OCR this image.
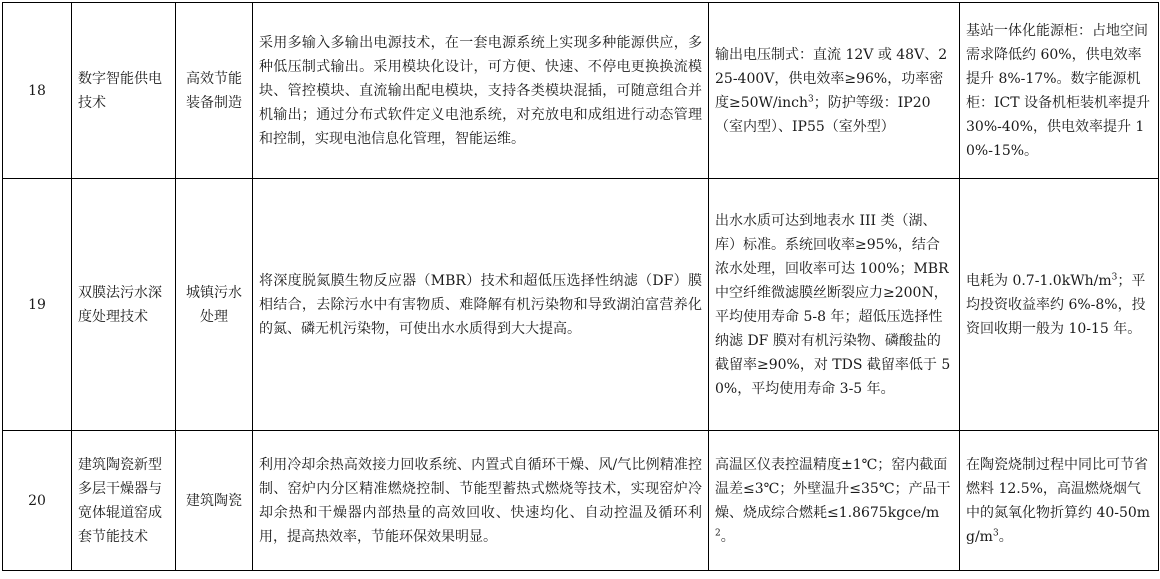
18	数字智能供电技术	高效节能装备制造	采用多输入多输出电源技术，在一套电源系统上实现多种能源供应，多种低压制式输出。采用模块化设计，可方便、快速、不停电更换换流模块、管控模块、直流输出配电模块，支持各类模块混插，可随意组合并机输出；通过分布式软件定义电池系统，对充放电和成组进行动态管理和控制，实现电池信息化管理，智能运维。	输出电压制式：直流 12V 或 48V、225-400V，供电效率≥96%，功率密度≥50W/inch$^3$；防护等级：IP20（室内型）、IP55（室外型）	基站一体化能源柜：占地空间需求降低约 60%，供电效率提升 8%-17%。数字能源机柜：ICT 设备机柜装机率提升 30%-40%，供电效率提升 10%-15%。
19	双膜法污水深度处理技术	城镇污水处理	将深度脱氮膜生物反应器（MBR）技术和超低压选择性纳滤（DF）膜相结合，去除污水中有害物质、难降解有机污染物和导致湖泊富营养化的氮、磷无机污染物，可使出水水质得到大大提高。	出水水质可达到地表水 III 类（湖、库）标准。系统回收率≥95%，结合浓水处理，回收率可达 100%；MBR 中空纤维微滤膜丝断裂应力≥200N，平均使用寿命 5-8 年；超低压选择性纳滤 DF 膜对有机污染物、磷酸盐的截留率≥90%，对 TDS 截留率低于 50%，平均使用寿命 3-5 年。	电耗为 $0.7-1.0kWh/m^3$；平均投资收益率约 6%-8%，投资回收期一般为 10-15 年。
20	建筑陶瓷新型多层干燥器与宽体辊道窑成套节能技术	建筑陶瓷	利用冷却余热高效接力回收系统、内置式自循环干燥、风/气比例精准控制、窑炉内分区精准燃烧控制、节能型蓄热式燃烧等技术，实现窑炉冷却余热和干燥器内部热量的高效回收、快速均化、自动控温及循环利用，提高热效率，节能环保效果明显。	高温区仪表控温精度±1℃；窑内截面温差≤3℃；外壁温升≤35℃；产品干燥、烧成综合燃耗$\le 1.8675kgce/m^2$。	在陶瓷烧制过程中同比可节省燃料 12.5%，高温燃烧烟气中的氮氧化物折算约 $40-50mg/m^3$。
